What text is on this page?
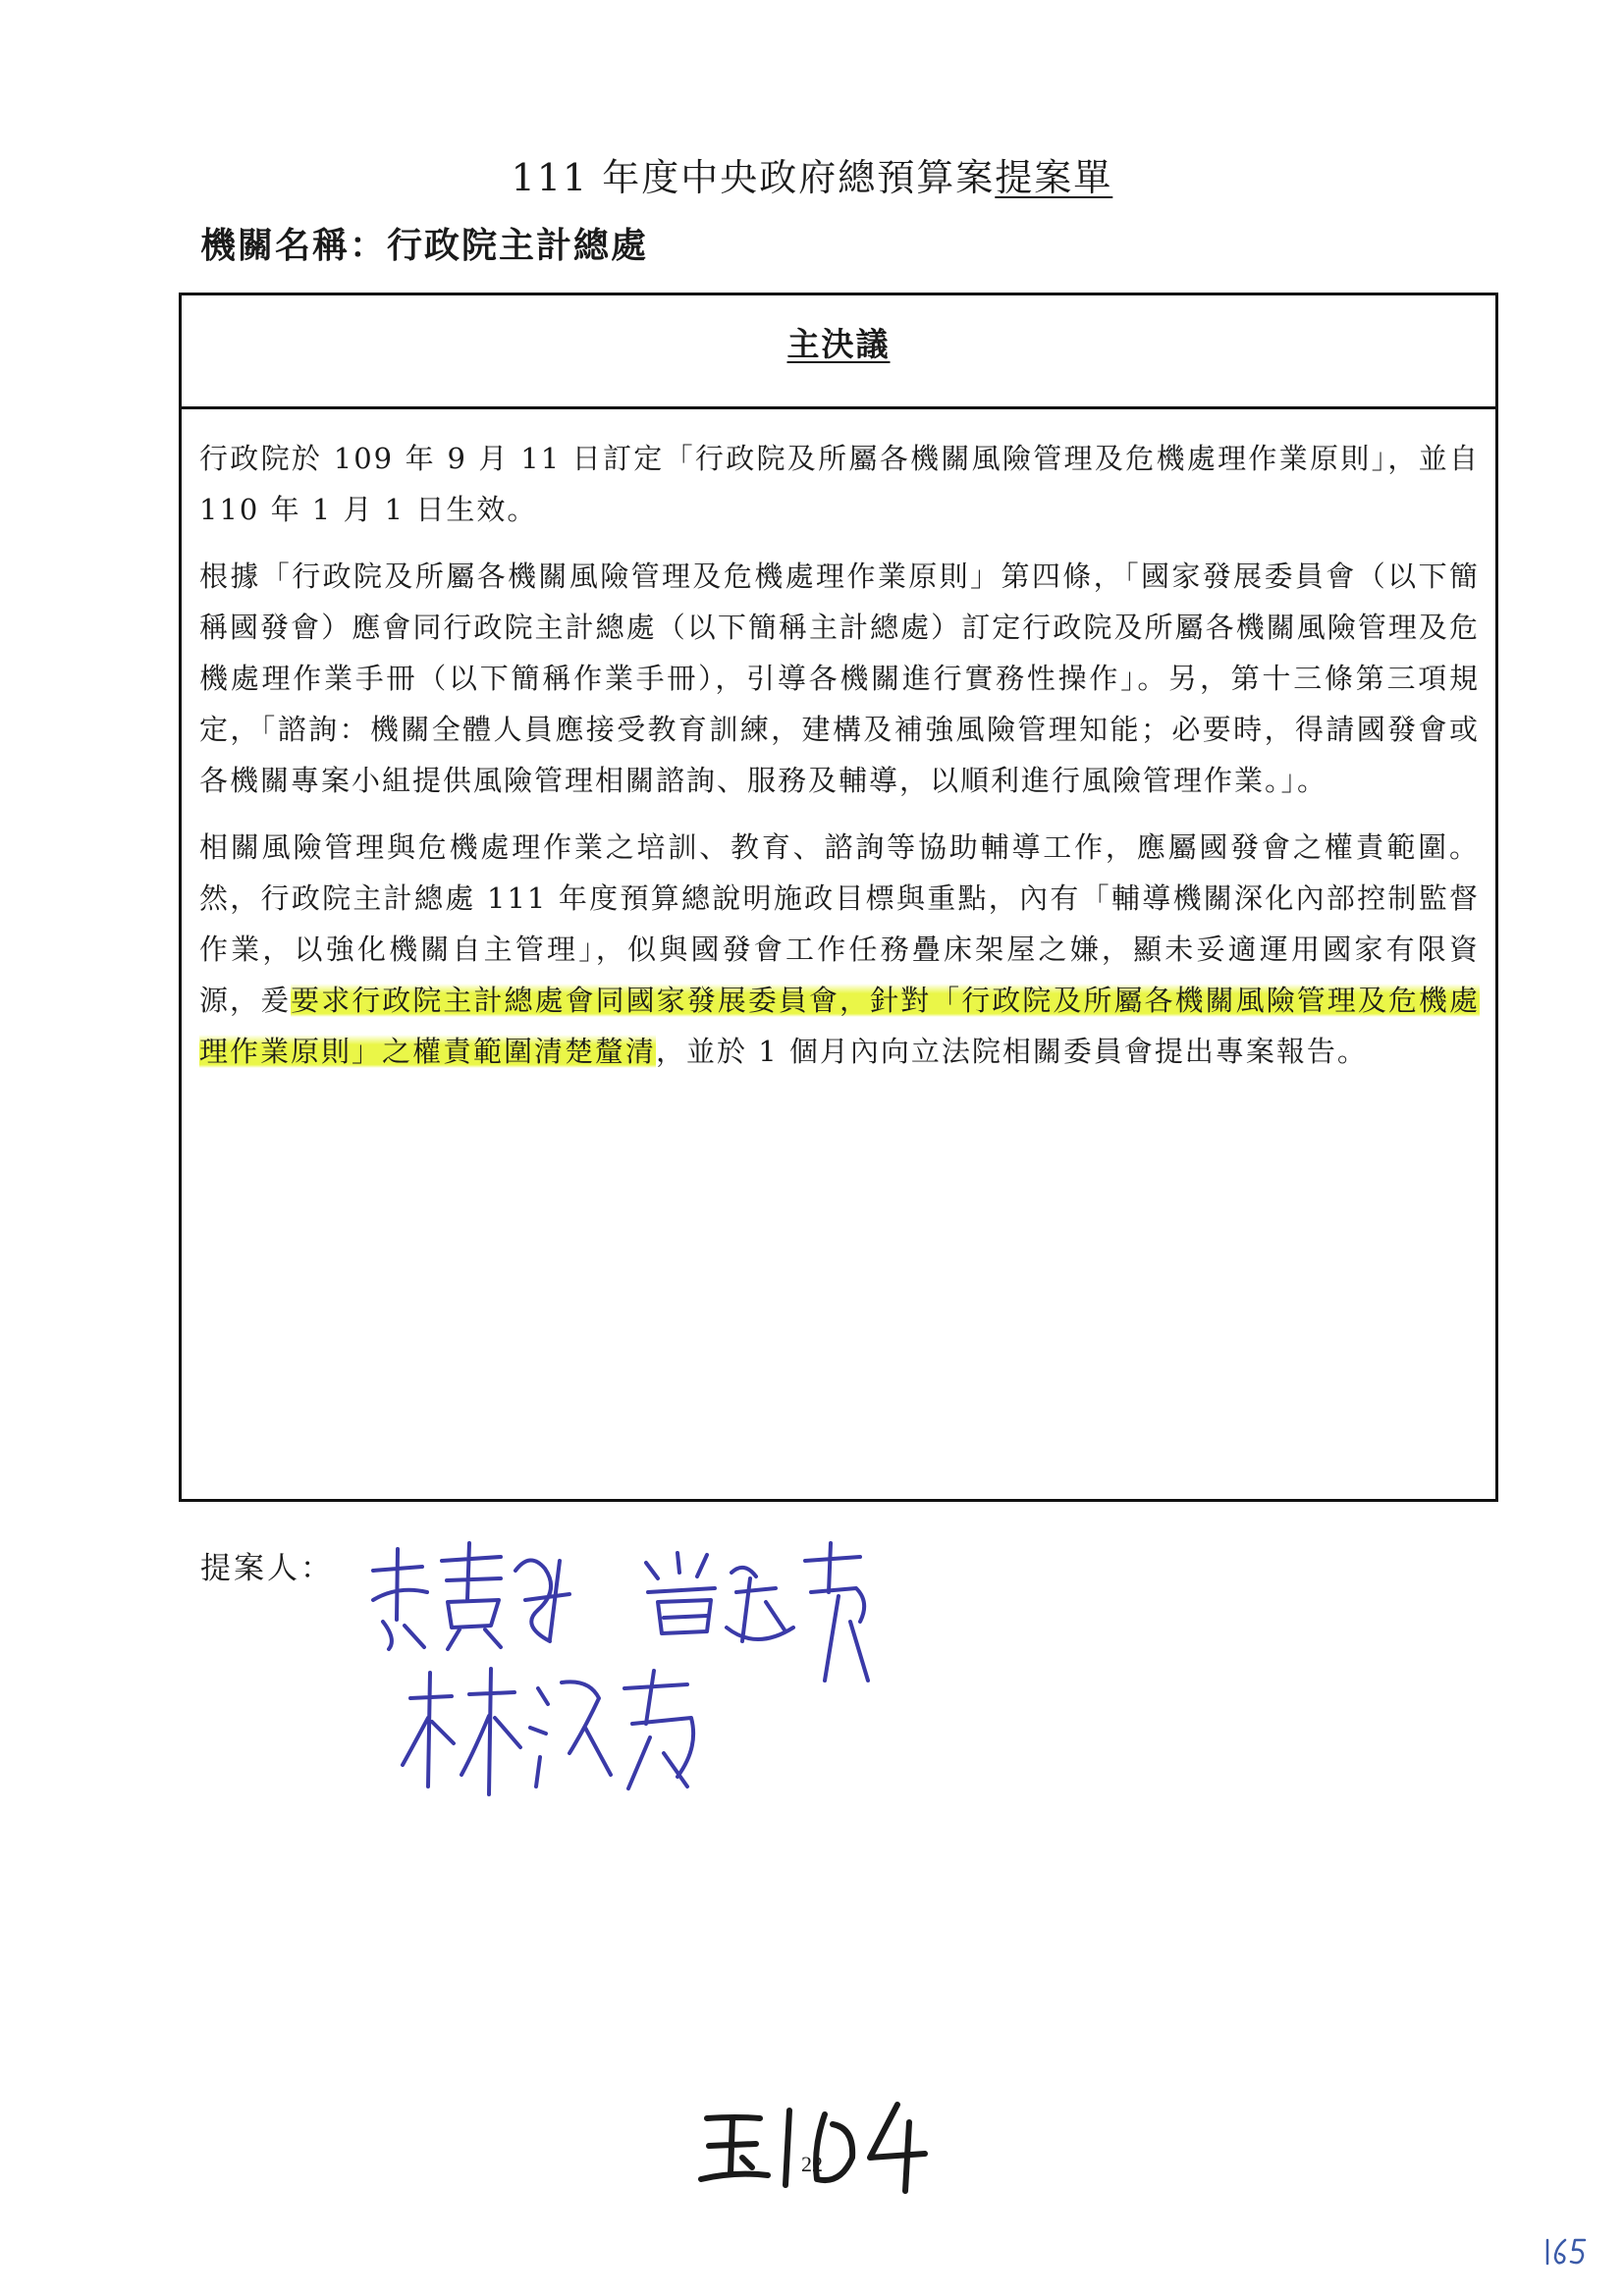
111 年度中央政府總預算案提案單
機關名稱：行政院主計總處
主決議

行政院於 109 年 9 月 11 日訂定「行政院及所屬各機關風險管理及危機處理作業原則」，並自 110 年 1 月 1 日生效。

根據「行政院及所屬各機關風險管理及危機處理作業原則」第四條，「國家發展委員會（以下簡稱國發會）應會同行政院主計總處（以下簡稱主計總處）訂定行政院及所屬各機關風險管理及危機處理作業手冊（以下簡稱作業手冊），引導各機關進行實務性操作」。另，第十三條第三項規定，「諮詢：機關全體人員應接受教育訓練，建構及補強風險管理知能；必要時，得請國發會或各機關專案小組提供風險管理相關諮詢、服務及輔導，以順利進行風險管理作業。」。

相關風險管理與危機處理作業之培訓、教育、諮詢等協助輔導工作，應屬國發會之權責範圍。然，行政院主計總處 111 年度預算總說明施政目標與重點，內有「輔導機關深化內部控制監督作業，以強化機關自主管理」，似與國發會工作任務疊床架屋之嫌，顯未妥適運用國家有限資源，爰要求行政院主計總處會同國家發展委員會，針對「行政院及所屬各機關風險管理及危機處理作業原則」之權責範圍清楚釐清，並於 1 個月內向立法院相關委員會提出專案報告。

提案人：
22
